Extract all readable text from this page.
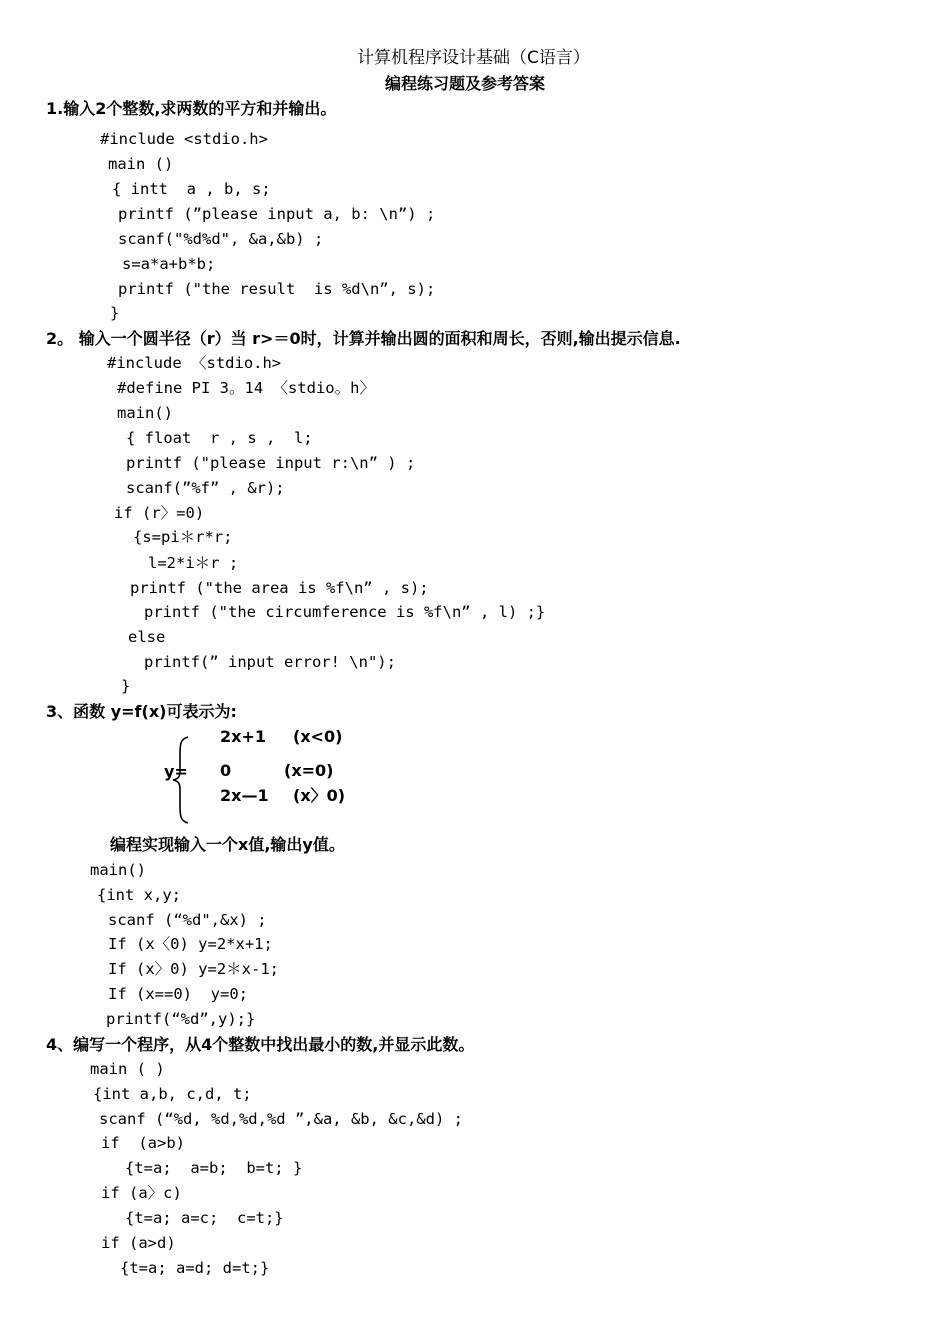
计算机程序设计基础（C语言）
编程练习题及参考答案
1.输入2个整数,求两数的平方和并输出。
#include <stdio.h>
main ()
{ intt  a , b, s;
printf (”please input a, b: \n”) ;
scanf("%d%d", &a,&b) ;
s=a*a+b*b;
printf ("the result  is %d\n”, s);
}
2。 输入一个圆半径（r）当 r>＝0时，计算并输出圆的面积和周长，否则,输出提示信息.
#include 〈stdio.h>
#define PI 3。14 〈stdio。h〉
main()
{ float  r , s ,  l;
printf ("please input r:\n” ) ;
scanf(”%f” , &r);
if (r〉=0)
{s=pi＊r*r;
l=2*i＊r ;
printf ("the area is %f\n” , s);
printf ("the circumference is %f\n” , l) ;}
else
printf(” input error! \n");
}
3、函数 y=f(x)可表示为:
y=
2x+1 (x<0)
0	(x=0)
2x—1 (x〉0)
编程实现输入一个x值,输出y值。
main()
{int x,y;
scanf (“%d",&x) ;
If (x〈0) y=2*x+1;
If (x〉0) y=2＊x-1;
If (x==0)  y=0;
printf(“%d”,y);}
4、编写一个程序，从4个整数中找出最小的数,并显示此数。
main ( )
{int a,b, c,d, t;
scanf (“%d, %d,%d,%d ”,&a, &b, &c,&d) ;
if  (a>b)
{t=a;  a=b;  b=t; }
if (a〉c)
{t=a; a=c;  c=t;}
if (a>d)
{t=a; a=d; d=t;}
